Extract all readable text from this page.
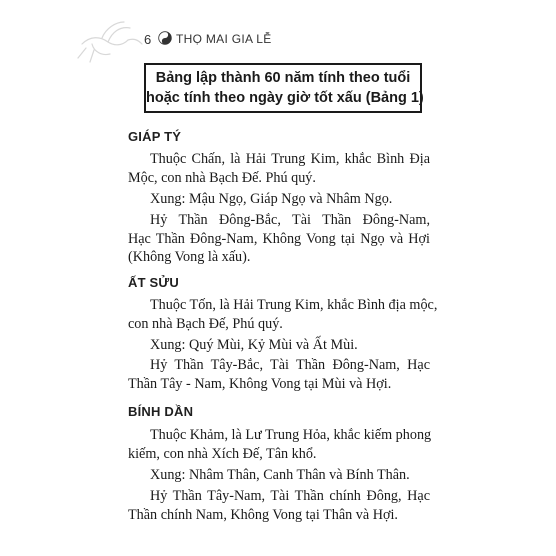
6 THỌ MAI GIA LỄ
Bảng lập thành 60 năm tính theo tuổi
hoặc tính theo ngày giờ tốt xấu (Bảng 1)
GIÁP TÝ
Thuộc Chấn, là Hải Trung Kim, khắc Bình Địa
Mộc, con nhà Bạch Đế. Phú quý.
Xung: Mậu Ngọ, Giáp Ngọ và Nhâm Ngọ.
Hỷ Thần Đông-Bắc, Tài Thần Đông-Nam,
Hạc Thần Đông-Nam, Không Vong tại Ngọ và Hợi
(Không Vong là xấu).
ẤT SỬU
Thuộc Tốn, là Hải Trung Kim, khắc Bình địa mộc,
con nhà Bạch Đế, Phú quý.
Xung: Quý Mùi, Kỷ Mùi và Ất Mùi.
Hỷ Thần Tây-Bắc, Tài Thần Đông-Nam, Hạc
Thần Tây - Nam, Không Vong tại Mùi và Hợi.
BÍNH DẦN
Thuộc Khảm, là Lư Trung Hỏa, khắc kiếm phong
kiếm, con nhà Xích Đế, Tân khổ.
Xung: Nhâm Thân, Canh Thân và Bính Thân.
Hỷ Thần Tây-Nam, Tài Thần chính Đông, Hạc
Thần chính Nam, Không Vong tại Thân và Hợi.
